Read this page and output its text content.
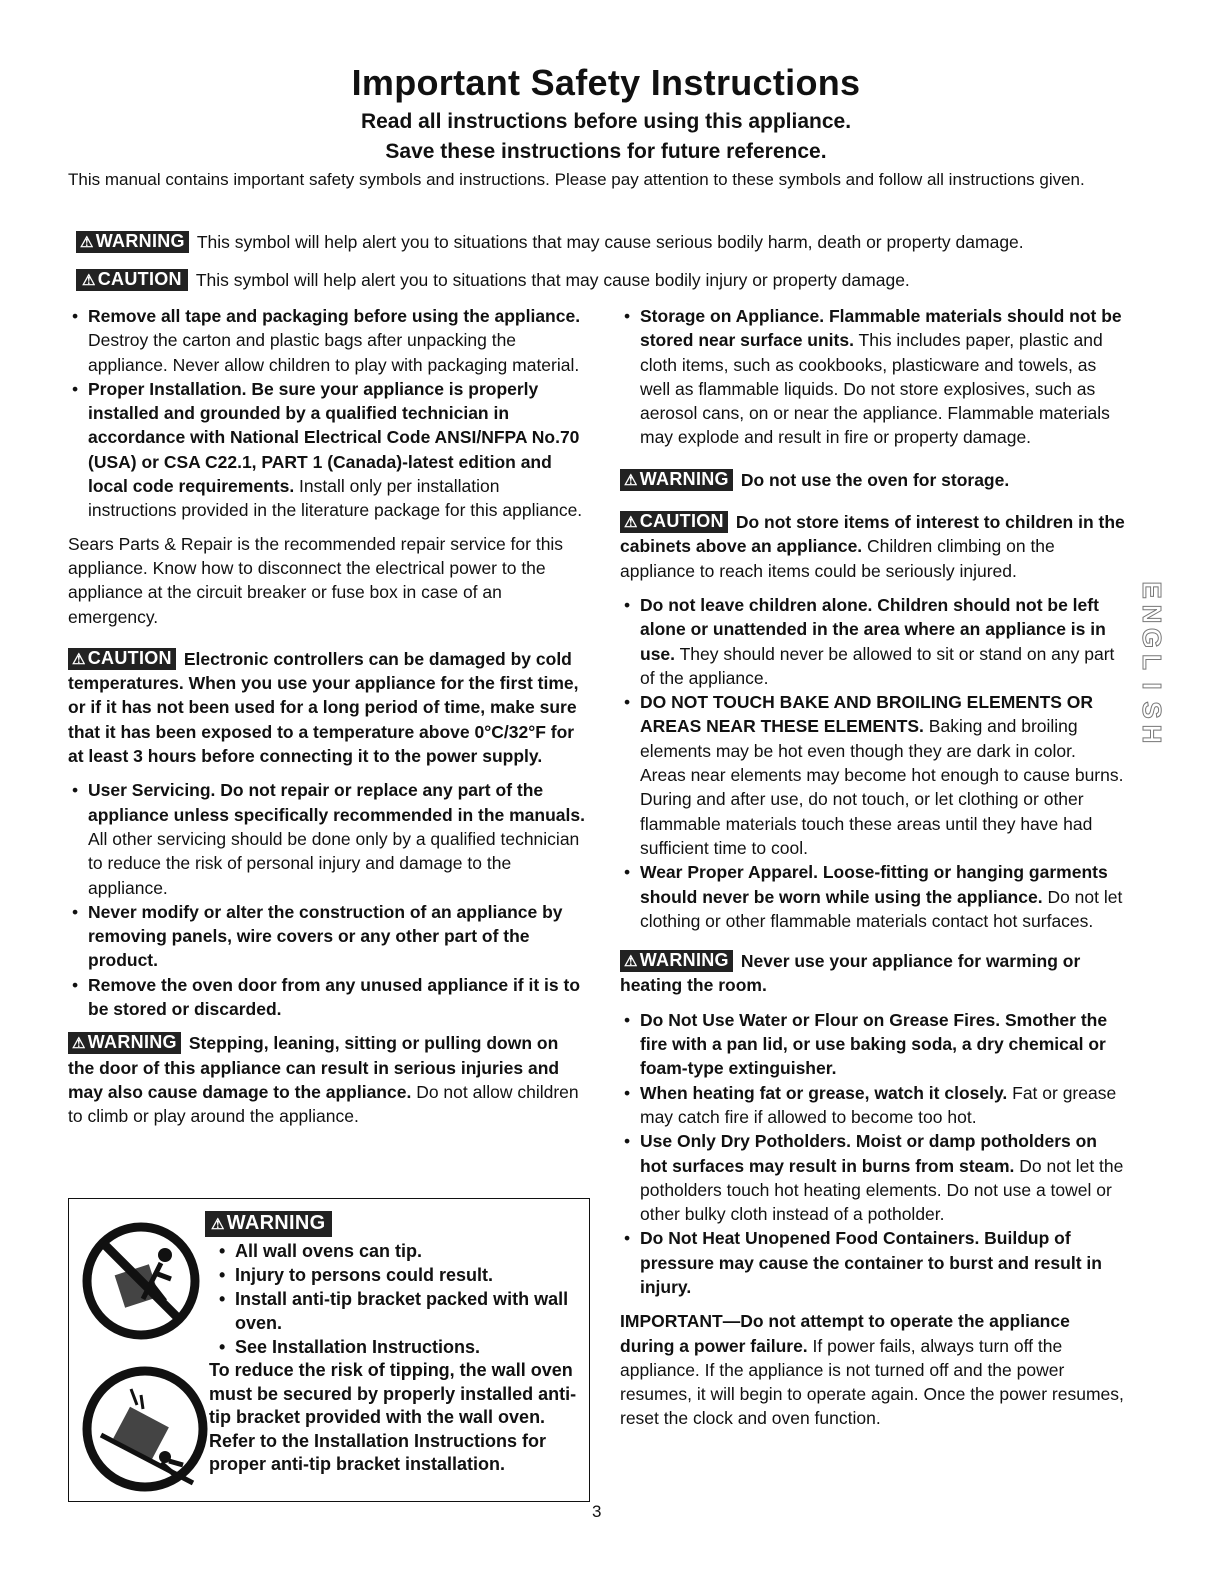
Important Safety Instructions
Read all instructions before using this appliance.
Save these instructions for future reference.

This manual contains important safety symbols and instructions. Please pay attention to these symbols and follow all instructions given.

⚠ WARNING This symbol will help alert you to situations that may cause serious bodily harm, death or property damage.
⚠ CAUTION This symbol will help alert you to situations that may cause bodily injury or property damage.
• Remove all tape and packaging before using the appliance. Destroy the carton and plastic bags after unpacking the appliance. Never allow children to play with packaging material.
• Proper Installation. Be sure your appliance is properly installed and grounded by a qualified technician in accordance with National Electrical Code ANSI/NFPA No.70 (USA) or CSA C22.1, PART 1 (Canada)-latest edition and local code requirements. Install only per installation instructions provided in the literature package for this appliance.

Sears Parts & Repair is the recommended repair service for this appliance. Know how to disconnect the electrical power to the appliance at the circuit breaker or fuse box in case of an emergency.

⚠ CAUTION Electronic controllers can be damaged by cold temperatures. When you use your appliance for the first time, or if it has not been used for a long period of time, make sure that it has been exposed to a temperature above 0°C/32°F for at least 3 hours before connecting it to the power supply.

• User Servicing. Do not repair or replace any part of the appliance unless specifically recommended in the manuals. All other servicing should be done only by a qualified technician to reduce the risk of personal injury and damage to the appliance.
• Never modify or alter the construction of an appliance by removing panels, wire covers or any other part of the product.
• Remove the oven door from any unused appliance if it is to be stored or discarded.

⚠ WARNING Stepping, leaning, sitting or pulling down on the door of this appliance can result in serious injuries and may also cause damage to the appliance. Do not allow children to climb or play around the appliance.

⚠ WARNING
• All wall ovens can tip.
• Injury to persons could result.
• Install anti-tip bracket packed with wall oven.
• See Installation Instructions.

To reduce the risk of tipping, the wall oven must be secured by properly installed anti-tip bracket provided with the wall oven. Refer to the Installation Instructions for proper anti-tip bracket installation.

• Storage on Appliance. Flammable materials should not be stored near surface units. This includes paper, plastic and cloth items, such as cookbooks, plasticware and towels, as well as flammable liquids. Do not store explosives, such as aerosol cans, on or near the appliance. Flammable materials may explode and result in fire or property damage.

⚠ WARNING Do not use the oven for storage.

⚠ CAUTION Do not store items of interest to children in the cabinets above an appliance. Children climbing on the appliance to reach items could be seriously injured.

• Do not leave children alone. Children should not be left alone or unattended in the area where an appliance is in use. They should never be allowed to sit or stand on any part of the appliance.
• DO NOT TOUCH BAKE AND BROILING ELEMENTS OR AREAS NEAR THESE ELEMENTS. Baking and broiling elements may be hot even though they are dark in color. Areas near elements may become hot enough to cause burns. During and after use, do not touch, or let clothing or other flammable materials touch these areas until they have had sufficient time to cool.
• Wear Proper Apparel. Loose-fitting or hanging garments should never be worn while using the appliance. Do not let clothing or other flammable materials contact hot surfaces.

⚠ WARNING Never use your appliance for warming or heating the room.

• Do Not Use Water or Flour on Grease Fires. Smother the fire with a pan lid, or use baking soda, a dry chemical or foam-type extinguisher.
• When heating fat or grease, watch it closely. Fat or grease may catch fire if allowed to become too hot.
• Use Only Dry Potholders. Moist or damp potholders on hot surfaces may result in burns from steam. Do not let the potholders touch hot heating elements. Do not use a towel or other bulky cloth instead of a potholder.
• Do Not Heat Unopened Food Containers. Buildup of pressure may cause the container to burst and result in injury.

IMPORTANT—Do not attempt to operate the appliance during a power failure. If power fails, always turn off the appliance. If the appliance is not turned off and the power resumes, it will begin to operate again. Once the power resumes, reset the clock and oven function.

E
N
G
L
I
S
H
3
